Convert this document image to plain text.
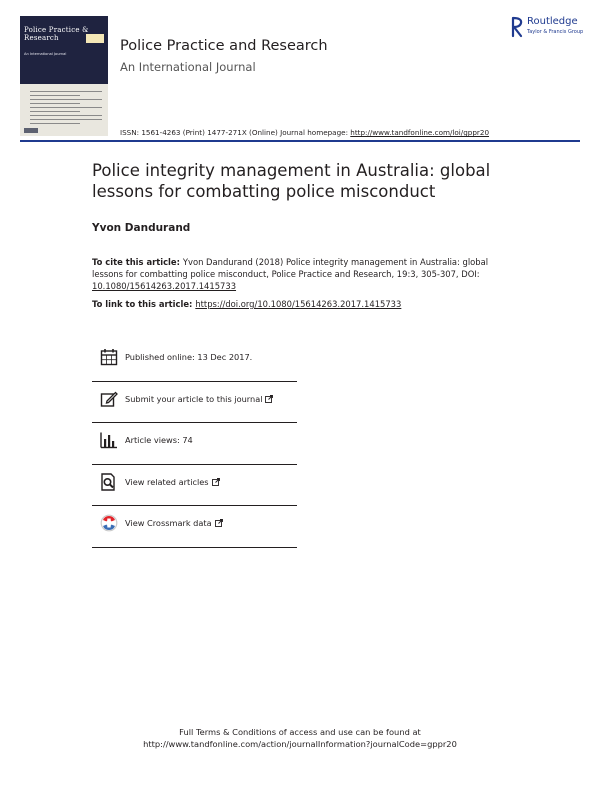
Police Practice & Research
An International Journal	Police Practice and Research
An International Journal
ISSN: 1561-4263 (Print) 1477-271X (Online) Journal homepage: http://www.tandfonline.com/loi/gppr20
Routledge
Taylor & Francis Group
Police integrity management in Australia: global lessons for combatting police misconduct
Yvon Dandurand
To cite this article: Yvon Dandurand (2018) Police integrity management in Australia: global lessons for combatting police misconduct, Police Practice and Research, 19:3, 305-307, DOI: 10.1080/15614263.2017.1415733
To link to this article: https://doi.org/10.1080/15614263.2017.1415733
Published online: 13 Dec 2017.
Submit your article to this journal
Article views: 74
View related articles
View Crossmark data
Full Terms & Conditions of access and use can be found at
http://www.tandfonline.com/action/journalInformation?journalCode=gppr20
